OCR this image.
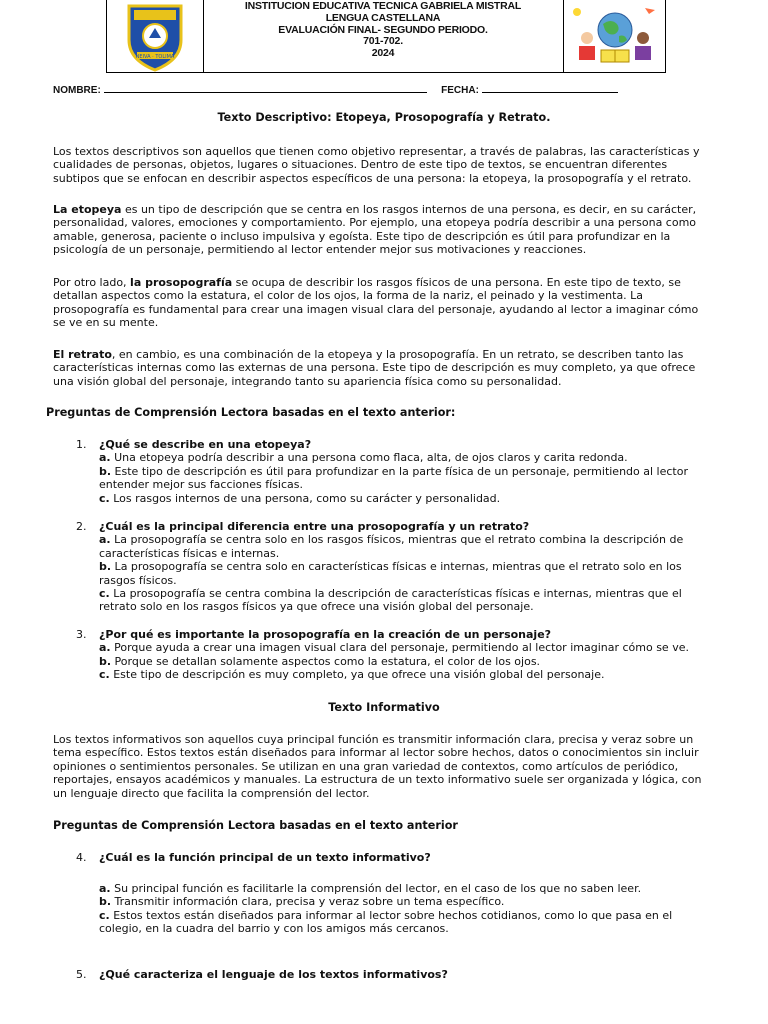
NEIVA · TOLIMA
INSTITUCION EDUCATIVA TECNICA GABRIELA MISTRAL
LENGUA CASTELLANA
EVALUACIÓN FINAL- SEGUNDO PERIODO.
701-702.
2024
NOMBRE:	FECHA:
Texto Descriptivo: Etopeya, Prosopografía y Retrato.
Los textos descriptivos son aquellos que tienen como objetivo representar, a través de palabras, las características y
cualidades de personas, objetos, lugares o situaciones. Dentro de este tipo de textos, se encuentran diferentes
subtipos que se enfocan en describir aspectos específicos de una persona: la etopeya, la prosopografía y el retrato.
La etopeya es un tipo de descripción que se centra en los rasgos internos de una persona, es decir, en su carácter,
personalidad, valores, emociones y comportamiento. Por ejemplo, una etopeya podría describir a una persona como
amable, generosa, paciente o incluso impulsiva y egoísta. Este tipo de descripción es útil para profundizar en la
psicología de un personaje, permitiendo al lector entender mejor sus motivaciones y reacciones.
Por otro lado, la prosopografía se ocupa de describir los rasgos físicos de una persona. En este tipo de texto, se
detallan aspectos como la estatura, el color de los ojos, la forma de la nariz, el peinado y la vestimenta. La
prosopografía es fundamental para crear una imagen visual clara del personaje, ayudando al lector a imaginar cómo
se ve en su mente.
El retrato, en cambio, es una combinación de la etopeya y la prosopografía. En un retrato, se describen tanto las
características internas como las externas de una persona. Este tipo de descripción es muy completo, ya que ofrece
una visión global del personaje, integrando tanto su apariencia física como su personalidad.
Preguntas de Comprensión Lectora basadas en el texto anterior:
1.	¿Qué se describe en una etopeya?
a. Una etopeya podría describir a una persona como flaca, alta, de ojos claros y carita redonda.
b. Este tipo de descripción es útil para profundizar en la parte física de un personaje, permitiendo al lector
entender mejor sus facciones físicas.
c. Los rasgos internos de una persona, como su carácter y personalidad.
2.	¿Cuál es la principal diferencia entre una prosopografía y un retrato?
a. La prosopografía se centra solo en los rasgos físicos, mientras que el retrato combina la descripción de
características físicas e internas.
b. La prosopografía se centra solo en características físicas e internas, mientras que el retrato solo en los
rasgos físicos.
c. La prosopografía se centra combina la descripción de características físicas e internas, mientras que el
retrato solo en los rasgos físicos ya que ofrece una visión global del personaje.
3.	¿Por qué es importante la prosopografía en la creación de un personaje?
a. Porque ayuda a crear una imagen visual clara del personaje, permitiendo al lector imaginar cómo se ve.
b. Porque se detallan solamente aspectos como la estatura, el color de los ojos.
c. Este tipo de descripción es muy completo, ya que ofrece una visión global del personaje.
Texto Informativo
Los textos informativos son aquellos cuya principal función es transmitir información clara, precisa y veraz sobre un
tema específico. Estos textos están diseñados para informar al lector sobre hechos, datos o conocimientos sin incluir
opiniones o sentimientos personales. Se utilizan en una gran variedad de contextos, como artículos de periódico,
reportajes, ensayos académicos y manuales. La estructura de un texto informativo suele ser organizada y lógica, con
un lenguaje directo que facilita la comprensión del lector.
Preguntas de Comprensión Lectora basadas en el texto anterior
4.	¿Cuál es la función principal de un texto informativo?
a. Su principal función es facilitarle la comprensión del lector, en el caso de los que no saben leer.
b. Transmitir información clara, precisa y veraz sobre un tema específico.
c. Estos textos están diseñados para informar al lector sobre hechos cotidianos, como lo que pasa en el
colegio, en la cuadra del barrio y con los amigos más cercanos.
5.	¿Qué caracteriza el lenguaje de los textos informativos?
